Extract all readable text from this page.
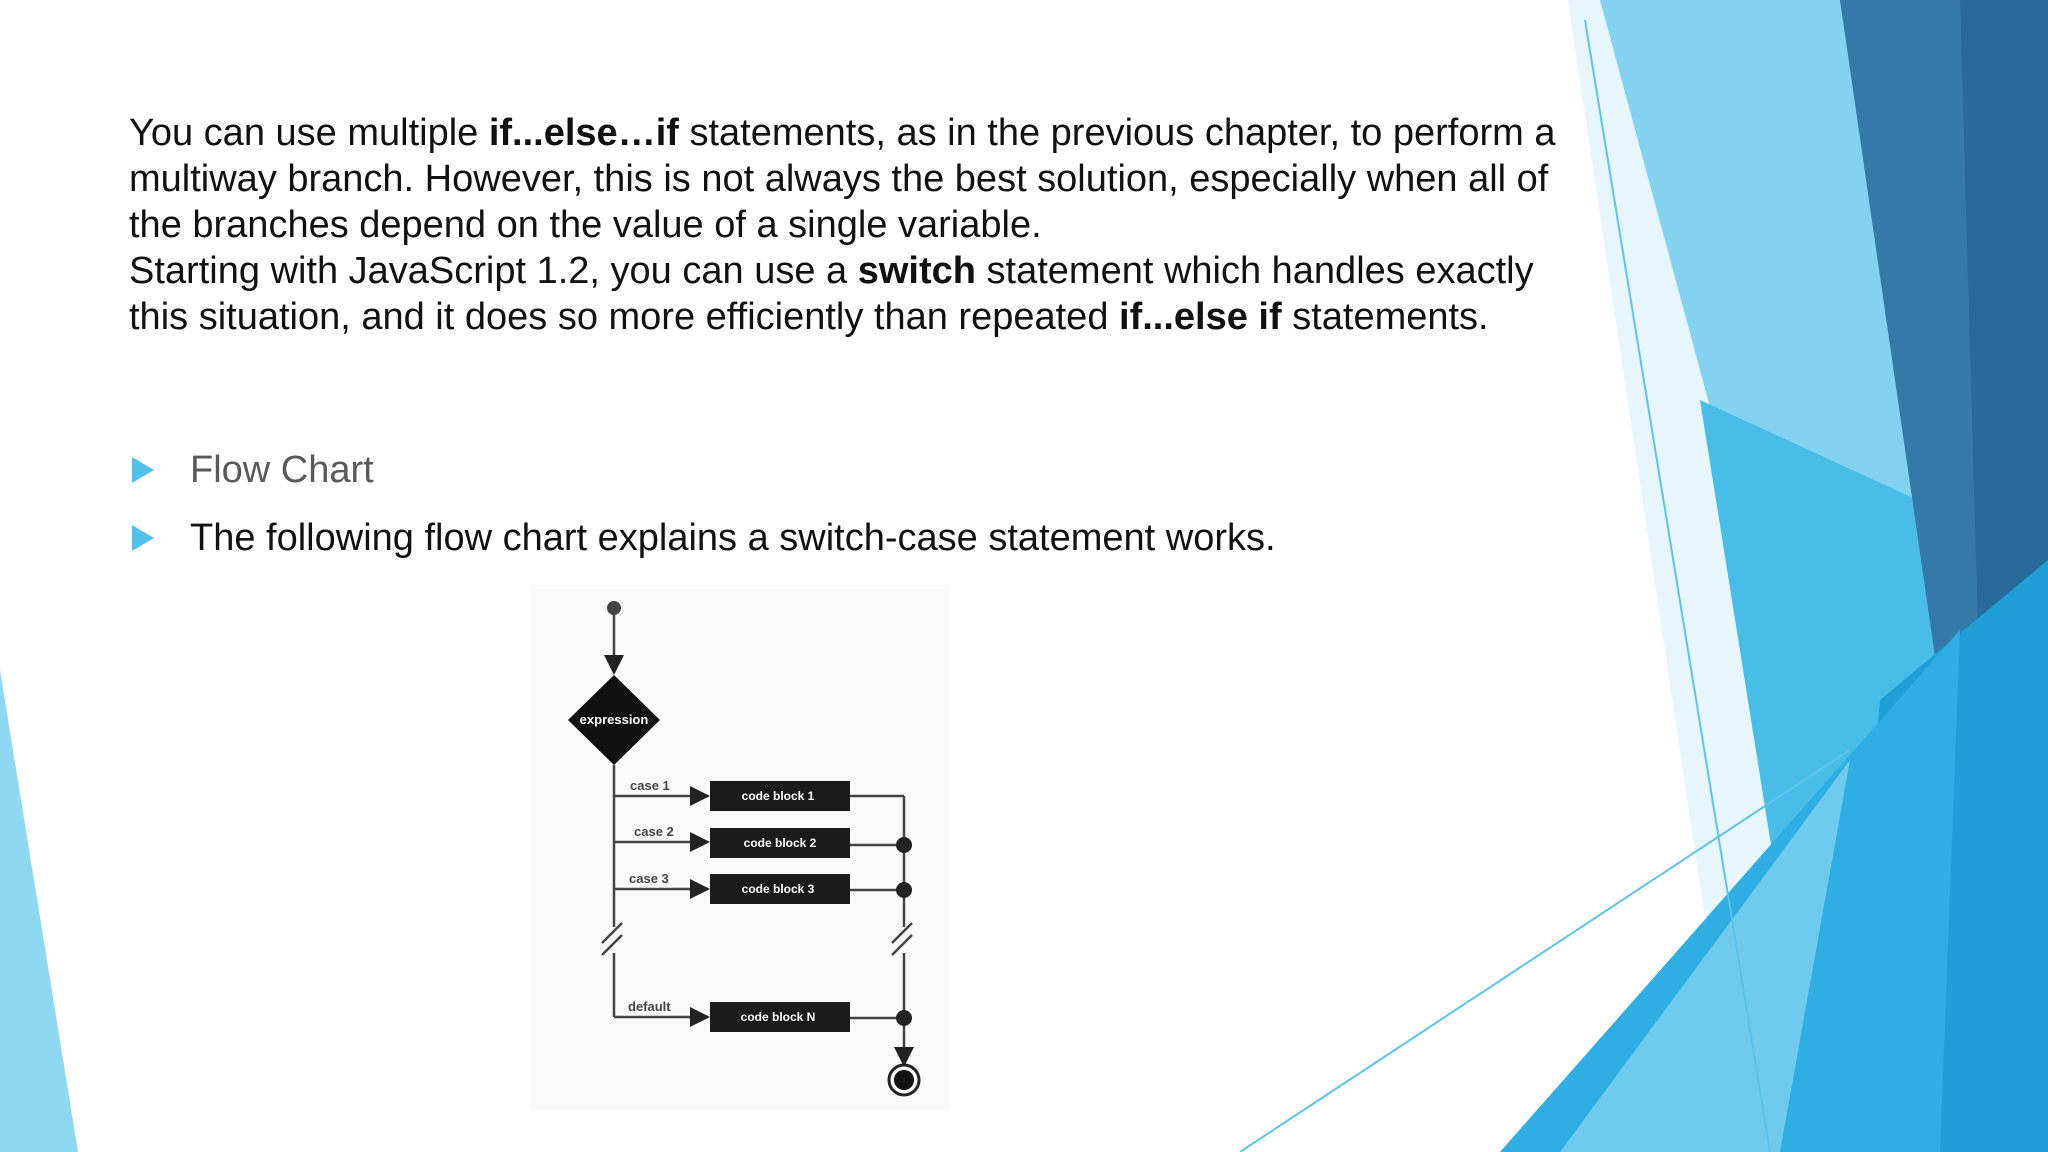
You can use multiple if...else…if statements, as in the previous chapter, to perform a multiway branch. However, this is not always the best solution, especially when all of the branches depend on the value of a single variable.

Starting with JavaScript 1.2, you can use a switch statement which handles exactly this situation, and it does so more efficiently than repeated if...else if statements.

Flow Chart
The following flow chart explains a switch-case statement works.
expression
case 1
case 2
case 3
default
code block 1
code block 2
code block 3
code block N
